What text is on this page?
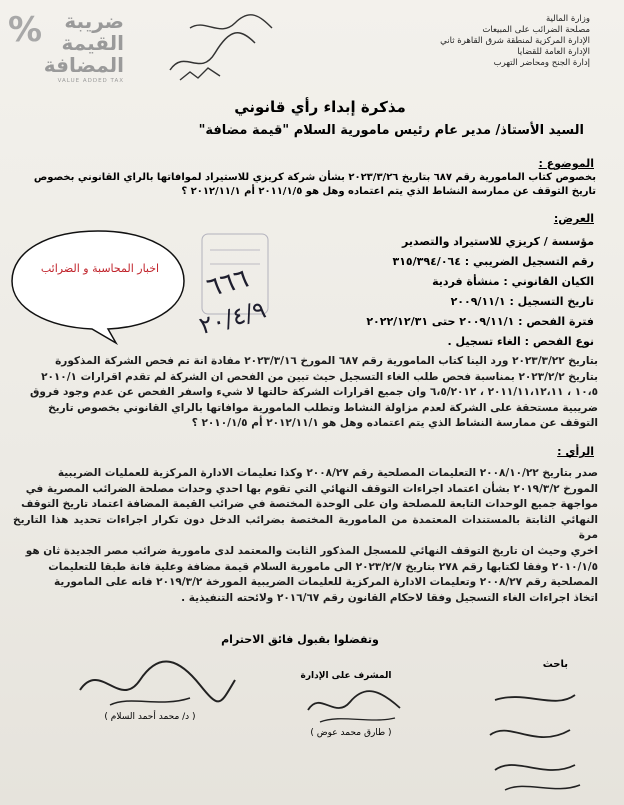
%	ضريبة
القيمة
المضافة
VALUE ADDED TAX
وزارة المالية
مصلحة الضرائب على المبيعات
الإدارة المركزية لمنطقة شرق القاهرة ثاني
الإدارة العامة للقضايا
إدارة الجنح ومحاضر التهرب
مذكرة إبداء رأي قانوني
السيد الأستاذ/ مدير عام رئيس مامورية السلام "قيمة مضافة"
الموضوع :
بخصوص كتاب المامورية رقم ٦٨٧ بتاريخ ٢٠٢٣/٣/٢٦ بشأن شركة كريزي للاستيراد لموافاتها بالراي القانوني بخصوص
تاريخ التوقف عن ممارسة النشاط الذي يتم اعتماده وهل هو ٢٠١١/١/٥ أم ٢٠١٢/١١/١ ؟
العرض:
مؤسسة / كريزي للاستيراد والتصدير
رقم التسجيل الضريبي : ٣١٥/٣٩٤/٠٦٤
الكيان القانوني : منشأة فردية
تاريخ التسجيل : ٢٠٠٩/١١/١
فترة الفحص : ٢٠٠٩/١١/١ حتى ٢٠٢٢/١٢/٣١
نوع الفحص : الغاء تسجيل .
اخبار المحاسبة و الضرائب	٦٦٦
٢٠/٤/٩
بتاريخ ٢٠٢٣/٣/٢٢ ورد الينا كتاب المامورية رقم ٦٨٧ المورخ ٢٠٢٣/٣/١٦ مفادة انة تم فحص الشركة المذكورة
بتاريخ ٢٠٢٣/٢/٢ بمناسبة فحص طلب الغاء التسجيل حيث تبين من الفحص ان الشركة لم تقدم اقرارات ٢٠١٠/١
١٠،٥ ، ٢٠١١/١١،١٢،١١ ، ٦،٥/٢٠١٢ وان جميع اقرارات الشركة حالتها لا شيء واسفر الفحص عن عدم وجود فروق
ضريبية مستحقة على الشركة لعدم مزاولة النشاط وتطلب المامورية موافاتها بالراي القانوني بخصوص تاريخ
التوقف عن ممارسة النشاط الذي يتم اعتماده وهل هو ٢٠١٢/١١/١ أم ٢٠١٠/١/٥ ؟
الرأي :
صدر بتاريخ ٢٠٠٨/١٠/٢٢ التعليمات المصلحية رقم ٢٠٠٨/٢٧ وكذا تعليمات الادارة المركزية للعمليات الضريبية
المورخ ٢٠١٩/٣/٢ بشأن اعتماد اجراءات التوقف النهائي التي تقوم بها احدي وحدات مصلحة الضرائب المصرية في
مواجهة جميع الوحدات التابعة للمصلحة وان على الوحدة المختصة في ضرائب القيمة المضافة اعتماد تاريخ التوقف
النهائي الثابتة بالمستندات المعتمدة من المامورية المختصة بضرائب الدخل دون تكرار اجراءات تحديد هذا التاريخ مرة
اخري وحيث ان تاريخ التوقف النهائي للمسجل المذكور الثابت والمعتمد لدى مامورية ضرائب مصر الجديدة ثان هو
٢٠١٠/١/٥ وفقا لكتابها رقم ٢٧٨ بتاريخ ٢٠٢٣/٢/٧ الى مامورية السلام قيمة مضافة وعلية فانة طبقا للتعليمات
المصلحية رقم ٢٠٠٨/٢٧ وتعليمات الادارة المركزية للعليمات الضريبية المورخة ٢٠١٩/٣/٢ فانه على المامورية
اتخاذ اجراءات الغاء التسجيل وفقا لاحكام القانون رقم ٢٠١٦/٦٧ ولائحته التنفيذية .
وتفضلوا بقبول فائق الاحترام
باحث
المشرف على الإدارة
( طارق محمد عوض )
( د/ محمد أحمد السلام )
